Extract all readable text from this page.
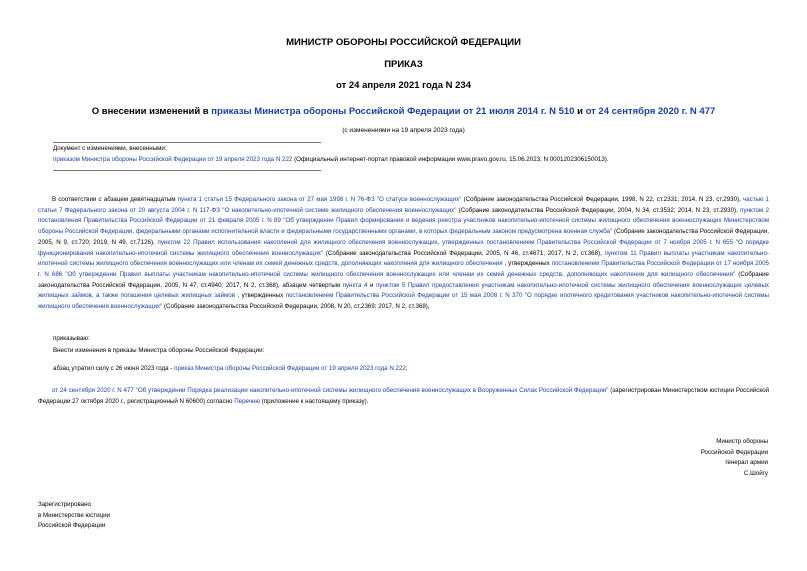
МИНИСТР ОБОРОНЫ РОССИЙСКОЙ ФЕДЕРАЦИИ
ПРИКАЗ
от 24 апреля 2021 года N 234
О внесении изменений в приказы Министра обороны Российской Федерации от 21 июля 2014 г. N 510 и от 24 сентября 2020 г. N 477
(с изменениями на 19 апреля 2023 года)
Документ с изменениями, внесенными:
приказом Министра обороны Российской Федерации от 19 апреля 2023 года N 222 (Официальный интернет-портал правовой информации www.pravo.gov.ru, 15.06.2023, N 0001202306150013).
В соответствии с абзацем девятнадцатым пункта 1 статьи 15 Федерального закона от 27 мая 1998 г. N 76-ФЗ "О статусе военнослужащих" (Собрание законодательства Российской Федерации, 1998, N 22, ст.2331; 2014, N 23, ст.2930), частью 1 статьи 7 Федерального закона от 20 августа 2004 г. N 117-ФЗ "О накопительно-ипотечной системе жилищного обеспечения военнослужащих" (Собрание законодательства Российской Федерации, 2004, N 34, ст.3532; 2014, N 23, ст.2930), пунктом 2 постановления Правительства Российской Федерации от 21 февраля 2005 г. N 89 "Об утверждении Правил формирования и ведения реестра участников накопительно-ипотечной системы жилищного обеспечения военнослужащих Министерством обороны Российской Федерации, федеральными органами исполнительной власти и федеральными государственными органами, в которых федеральным законом предусмотрена военная служба" (Собрание законодательства Российской Федерации, 2005, N 9, ст.720; 2019, N 49, ст.7126), пунктом 22 Правил использования накоплений для жилищного обеспечения военнослужащих, утвержденных постановлением Правительства Российской Федерации от 7 ноября 2005 г. N 655 "О порядке функционирования накопительно-ипотечной системы жилищного обеспечения военнослужащих" (Собрание законодательства Российской Федерации, 2005, N 46, ст.4671; 2017, N 2, ст.368), пунктом 11 Правил выплаты участникам накопительно-ипотечной системы жилищного обеспечения военнослужащих или членам их семей денежных средств, дополняющих накопления для жилищного обеспечения , утвержденных постановлением Правительства Российской Федерации от 17 ноября 2005 г. N 686 "Об утверждении Правил выплаты участникам накопительно-ипотечной системы жилищного обеспечения военнослужащих или членам их семей денежных средств, дополняющих накопления для жилищного обеспечения" (Собрание законодательства Российской Федерации, 2005, N 47, ст.4940; 2017, N 2, ст.368), абзацем четвертым пункта 4 и пунктом 5 Правил предоставления участникам накопительно-ипотечной системы жилищного обеспечения военнослужащих целевых жилищных займов, а также погашения целевых жилищных займов , утвержденных постановлением Правительства Российской Федерации от 15 мая 2008 г. N 370 "О порядке ипотечного кредитования участников накопительно-ипотечной системы жилищного обеспечения военнослужащих" (Собрание законодательства Российской Федерации, 2008, N 20, ст.2369; 2017, N 2, ст.368),
приказываю:
Внести изменения в приказы Министра обороны Российской Федерации:
абзац утратил силу с 26 июня 2023 года - приказ Министра обороны Российской Федерации от 19 апреля 2023 года N 222;
от 24 сентября 2020 г. N 477 "Об утверждении Порядка реализации накопительно-ипотечной системы жилищного обеспечения военнослужащих в Вооруженных Силах Российской Федерации" (зарегистрирован Министерством юстиции Российской Федерации 27 октября 2020 г., регистрационный N 60600) согласно Перечню (приложение к настоящему приказу).
Министр обороны
Российской Федерации
генерал армии
С.Шойгу
Зарегистрировано
в Министерстве юстиции
Российской Федерации
